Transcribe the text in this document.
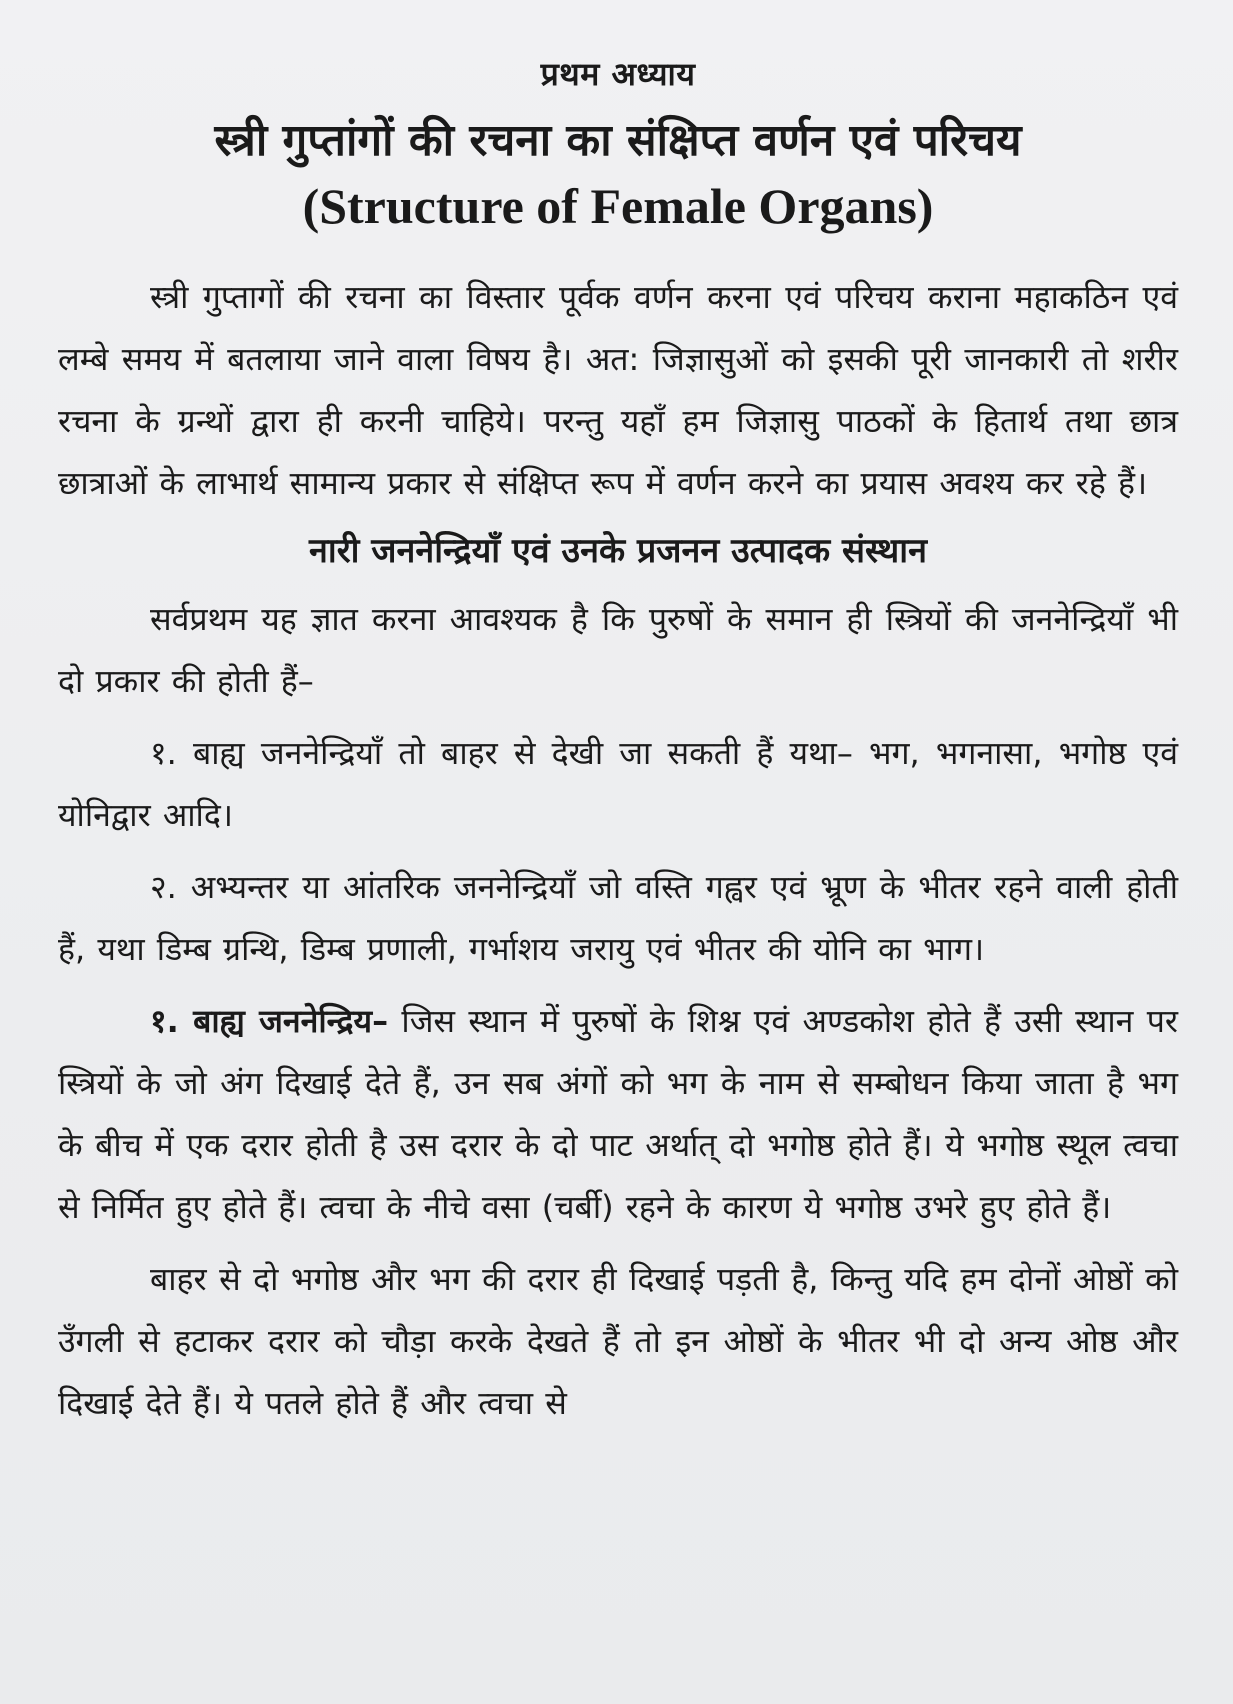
प्रथम अध्याय
स्त्री गुप्तांगों की रचना का संक्षिप्त वर्णन एवं परिचय
(Structure of Female Organs)

स्त्री गुप्तागों की रचना का विस्तार पूर्वक वर्णन करना एवं परिचय कराना महाकठिन एवं लम्बे समय में बतलाया जाने वाला विषय है। अत: जिज्ञासुओं को इसकी पूरी जानकारी तो शरीर रचना के ग्रन्थों द्वारा ही करनी चाहिये। परन्तु यहाँ हम जिज्ञासु पाठकों के हितार्थ तथा छात्र छात्राओं के लाभार्थ सामान्य प्रकार से संक्षिप्त रूप में वर्णन करने का प्रयास अवश्य कर रहे हैं।

नारी जननेन्द्रियाँ एवं उनके प्रजनन उत्पादक संस्थान

सर्वप्रथम यह ज्ञात करना आवश्यक है कि पुरुषों के समान ही स्त्रियों की जननेन्द्रियाँ भी दो प्रकार की होती हैं–

१. बाह्य जननेन्द्रियाँ तो बाहर से देखी जा सकती हैं यथा– भग, भगनासा, भगोष्ठ एवं योनिद्वार आदि।

२. अभ्यन्तर या आंतरिक जननेन्द्रियाँ जो वस्ति गह्वर एवं भ्रूण के भीतर रहने वाली होती हैं, यथा डिम्ब ग्रन्थि, डिम्ब प्रणाली, गर्भाशय जरायु एवं भीतर की योनि का भाग।

१. बाह्य जननेन्द्रिय– जिस स्थान में पुरुषों के शिश्न एवं अण्डकोश होते हैं उसी स्थान पर स्त्रियों के जो अंग दिखाई देते हैं, उन सब अंगों को भग के नाम से सम्बोधन किया जाता है भग के बीच में एक दरार होती है उस दरार के दो पाट अर्थात् दो भगोष्ठ होते हैं। ये भगोष्ठ स्थूल त्वचा से निर्मित हुए होते हैं। त्वचा के नीचे वसा (चर्बी) रहने के कारण ये भगोष्ठ उभरे हुए होते हैं।

बाहर से दो भगोष्ठ और भग की दरार ही दिखाई पड़ती है, किन्तु यदि हम दोनों ओष्ठों को उँगली से हटाकर दरार को चौड़ा करके देखते हैं तो इन ओष्ठों के भीतर भी दो अन्य ओष्ठ और दिखाई देते हैं। ये पतले होते हैं और त्वचा से
